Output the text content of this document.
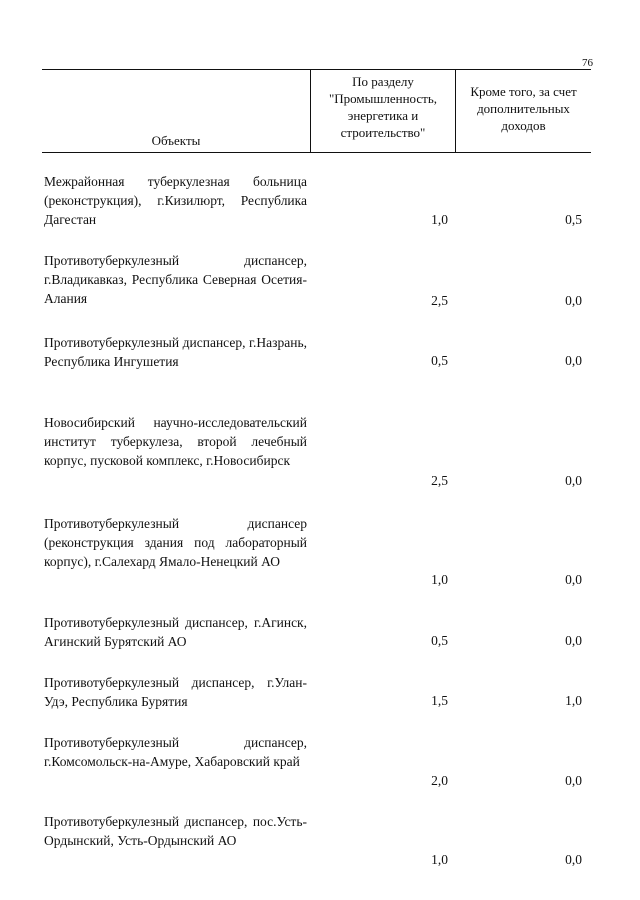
76
Объекты
По разделу "Промышленность, энергетика и строительство"
Кроме того, за счет дополнительных доходов
Межрайонная туберкулезная больница (реконструкция), г.Кизилюрт, Республика Дагестан	1,0	0,5
Противотуберкулезный диспансер, г.Владикавказ, Республика Северная Осетия-Алания	2,5	0,0
Противотуберкулезный диспансер, г.Назрань, Республика Ингушетия	0,5	0,0
Новосибирский научно-исследовательский институт туберкулеза, второй лечебный корпус, пусковой комплекс, г.Новосибирск
2,5	0,0
Противотуберкулезный диспансер (реконструкция здания под лабораторный корпус), г.Салехард Ямало-Ненецкий АО
1,0	0,0
Противотуберкулезный диспансер, г.Агинск, Агинский Бурятский АО	0,5	0,0
Противотуберкулезный диспансер, г.Улан-Удэ, Республика Бурятия	1,5	1,0
Противотуберкулезный диспансер, г.Комсомольск-на-Амуре, Хабаровский край
2,0	0,0
Противотуберкулезный диспансер, пос.Усть-Ордынский, Усть-Ордынский АО
1,0	0,0
